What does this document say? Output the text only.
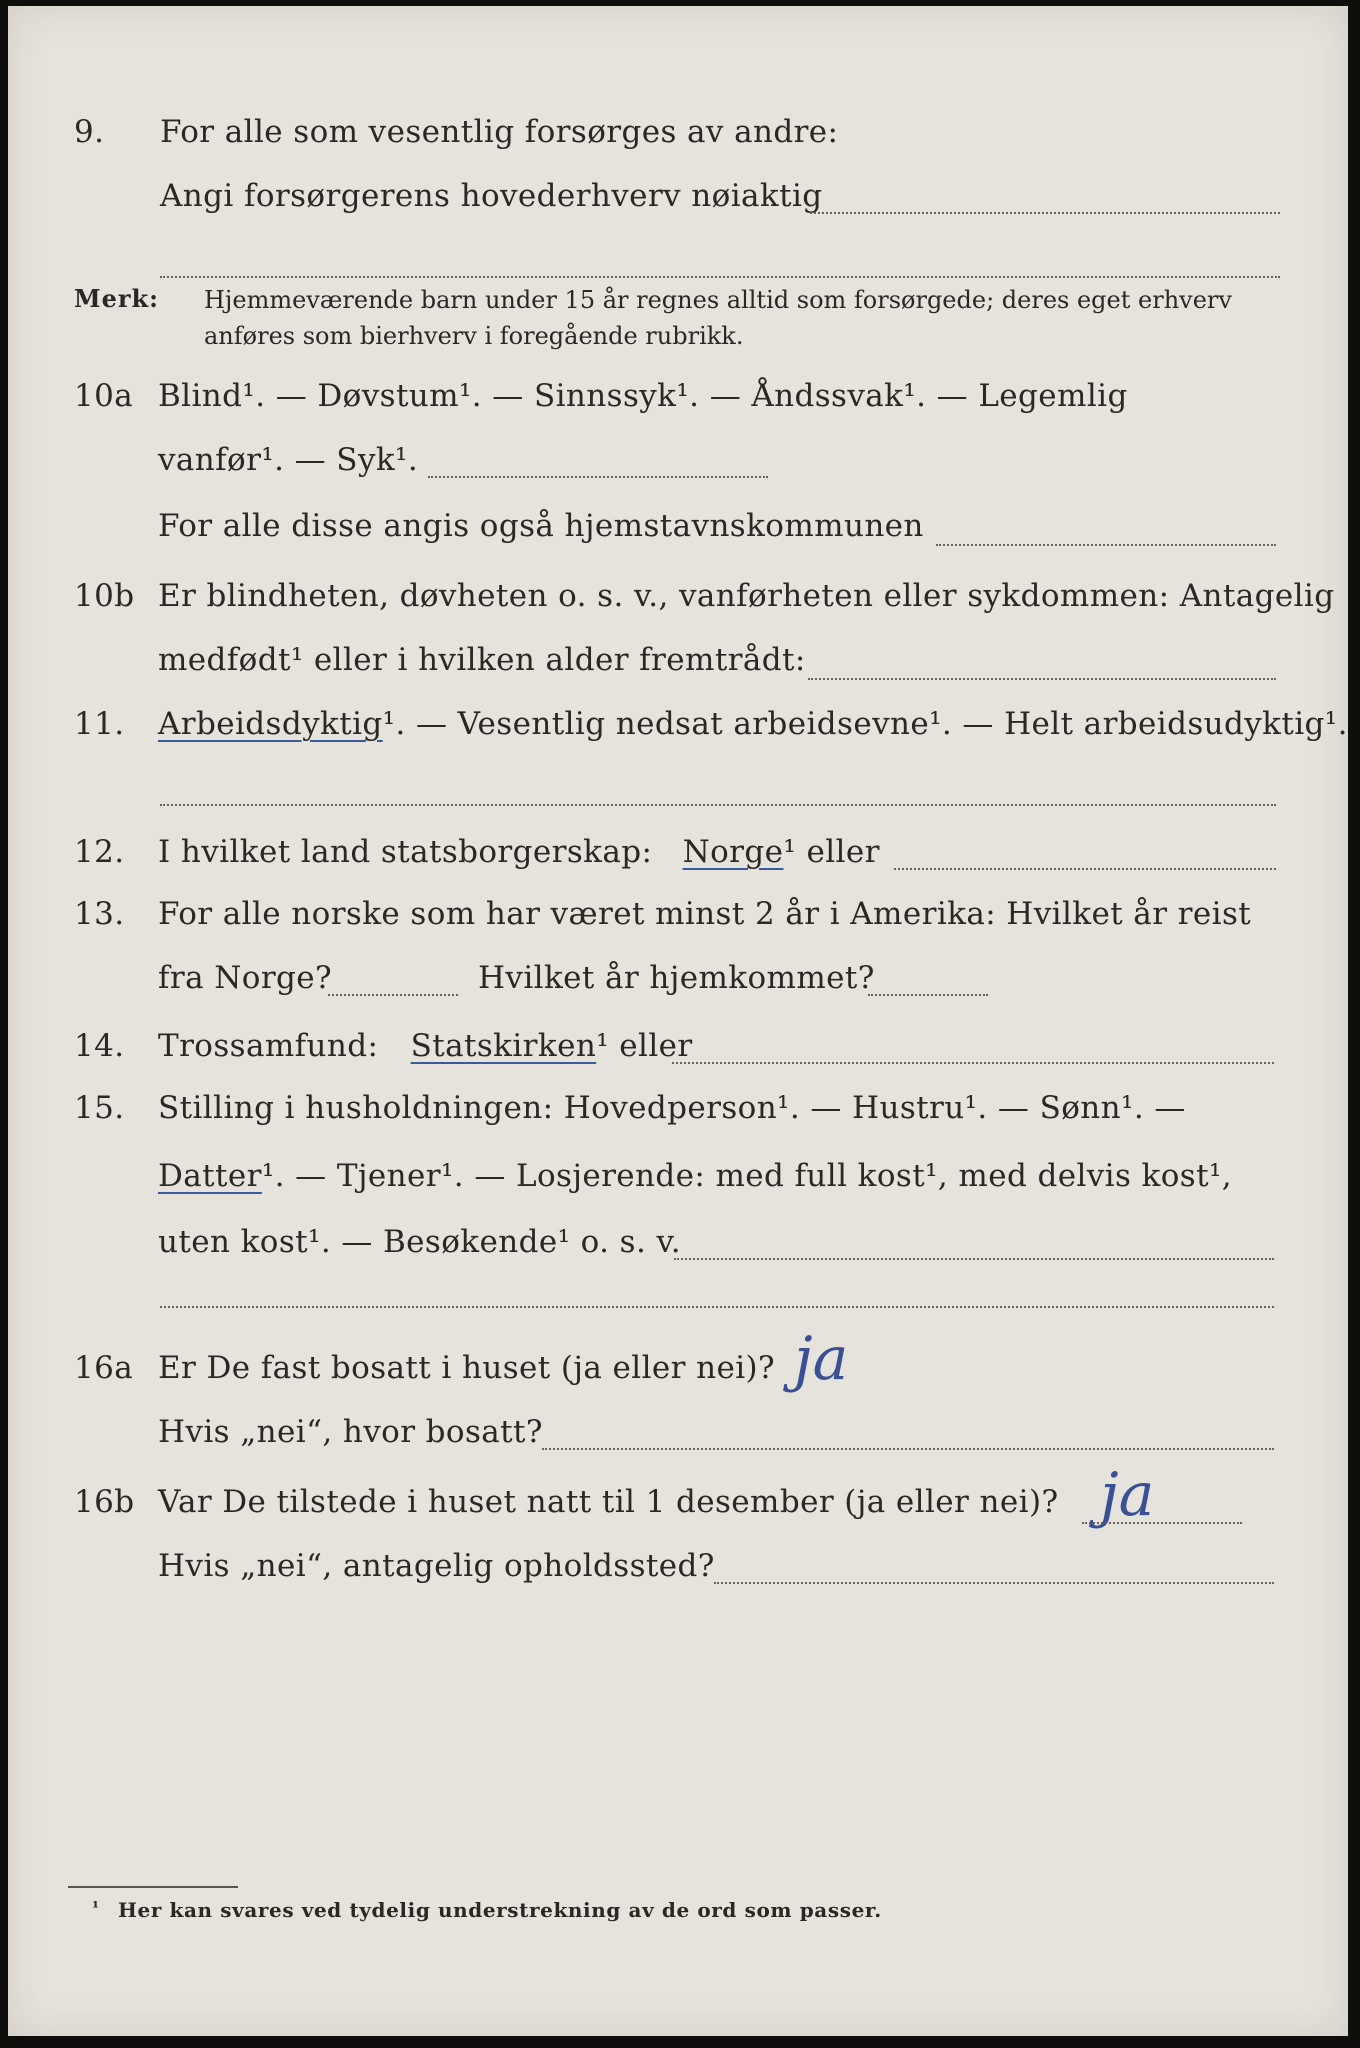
9. For alle som vesentlig forsørges av andre:
Angi forsørgerens hovederhverv nøiaktig
Merk: Hjemmeværende barn under 15 år regnes alltid som forsørgede; deres eget erhverv anføres som bierhverv i foregående rubrikk.
10a Blind¹. — Døvstum¹. — Sinnssyk¹. — Åndssvak¹. — Legemlig
vanfør¹. — Syk¹.
For alle disse angis også hjemstavnskommunen
10b Er blindheten, døvheten o. s. v., vanførheten eller sykdommen: Antagelig
medfødt¹ eller i hvilken alder fremtrådt:
11. Arbeidsdyktig¹. — Vesentlig nedsat arbeidsevne¹. — Helt arbeidsudyktig¹.
12. I hvilket land statsborgerskap: Norge¹ eller
13. For alle norske som har været minst 2 år i Amerika: Hvilket år reist
fra Norge?	Hvilket år hjemkommet?
14. Trossamfund: Statskirken¹ eller
15. Stilling i husholdningen: Hovedperson¹. — Hustru¹. — Sønn¹. —
Datter¹. — Tjener¹. — Losjerende: med full kost¹, med delvis kost¹,
uten kost¹. — Besøkende¹ o. s. v.
16a Er De fast bosatt i huset (ja eller nei)? ja
Hvis „nei“, hvor bosatt?
16b Var De tilstede i huset natt til 1 desember (ja eller nei)? ja
Hvis „nei“, antagelig opholdssted?
¹ Her kan svares ved tydelig understrekning av de ord som passer.
